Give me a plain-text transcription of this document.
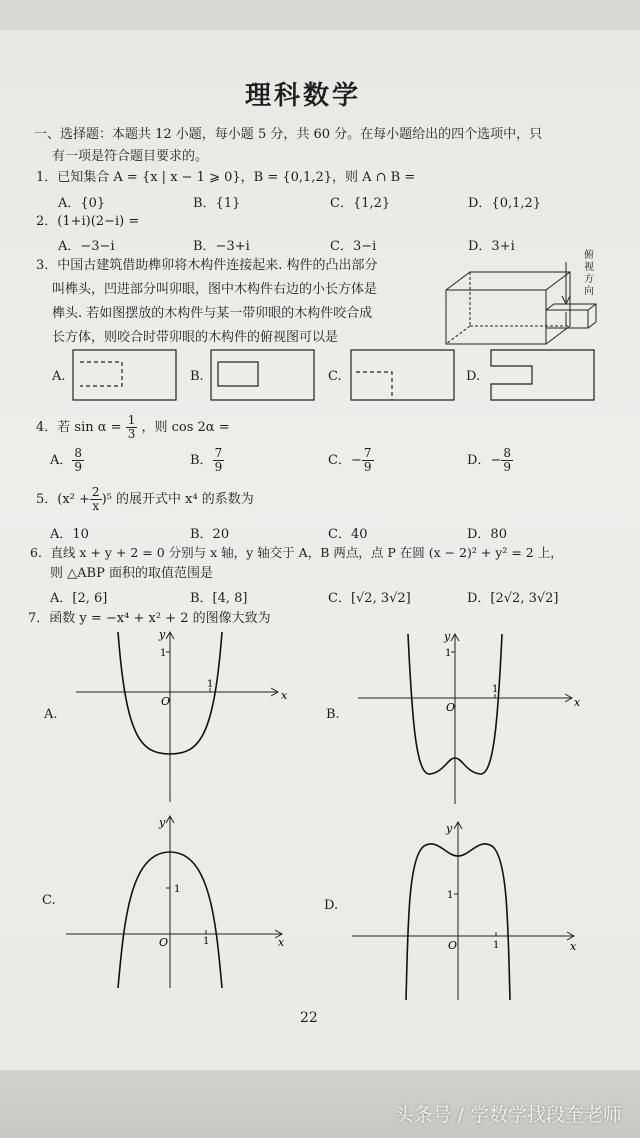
理科数学
一、选择题：本题共 12 小题，每小题 5 分，共 60 分。在每小题给出的四个选项中，只
有一项是符合题目要求的。
1．已知集合 A = {x | x − 1 ⩾ 0}，B = {0,1,2}，则 A ∩ B =
A．{0}	B．{1}	C．{1,2}	D．{0,1,2}
2．(1+i)(2−i) =
A．−3−i	B．−3+i	C．3−i	D．3+i
3．中国古建筑借助榫卯将木构件连接起来. 构件的凸出部分
叫榫头，凹进部分叫卯眼，图中木构件右边的小长方体是
榫头. 若如图摆放的木构件与某一带卯眼的木构件咬合成
长方体，则咬合时带卯眼的木构件的俯视图可以是
俯视方向
A.	B.	C.	D.
4．若 $\sin \alpha = \frac{1}{3}$ ，则 cos 2α =
A． $\frac{8}{9}$	B． $\frac{7}{9}$	C．− $\frac{7}{9}$	D．− $\frac{8}{9}$
5．$(x^2 + \frac{2}{x} )^5$ 的展开式中 x⁴ 的系数为
A．10	B．20	C．40	D．80
6．直线 x + y + 2 = 0 分别与 x 轴，y 轴交于 A，B 两点，点 P 在圆 (x − 2)² + y² = 2 上，
则 △ABP 面积的取值范围是
A．[2, 6]	B．[4, 8]	C．[√2, 3√2]	D．[2√2, 3√2]
7．函数 y = −x⁴ + x² + 2 的图像大致为
A.	B.
C.	D.
y
x
O
1
1
y
x
O
1
1
y
x
O	1
1
y
x
O	1
1
22
头条号 / 学数学找段奎老师
